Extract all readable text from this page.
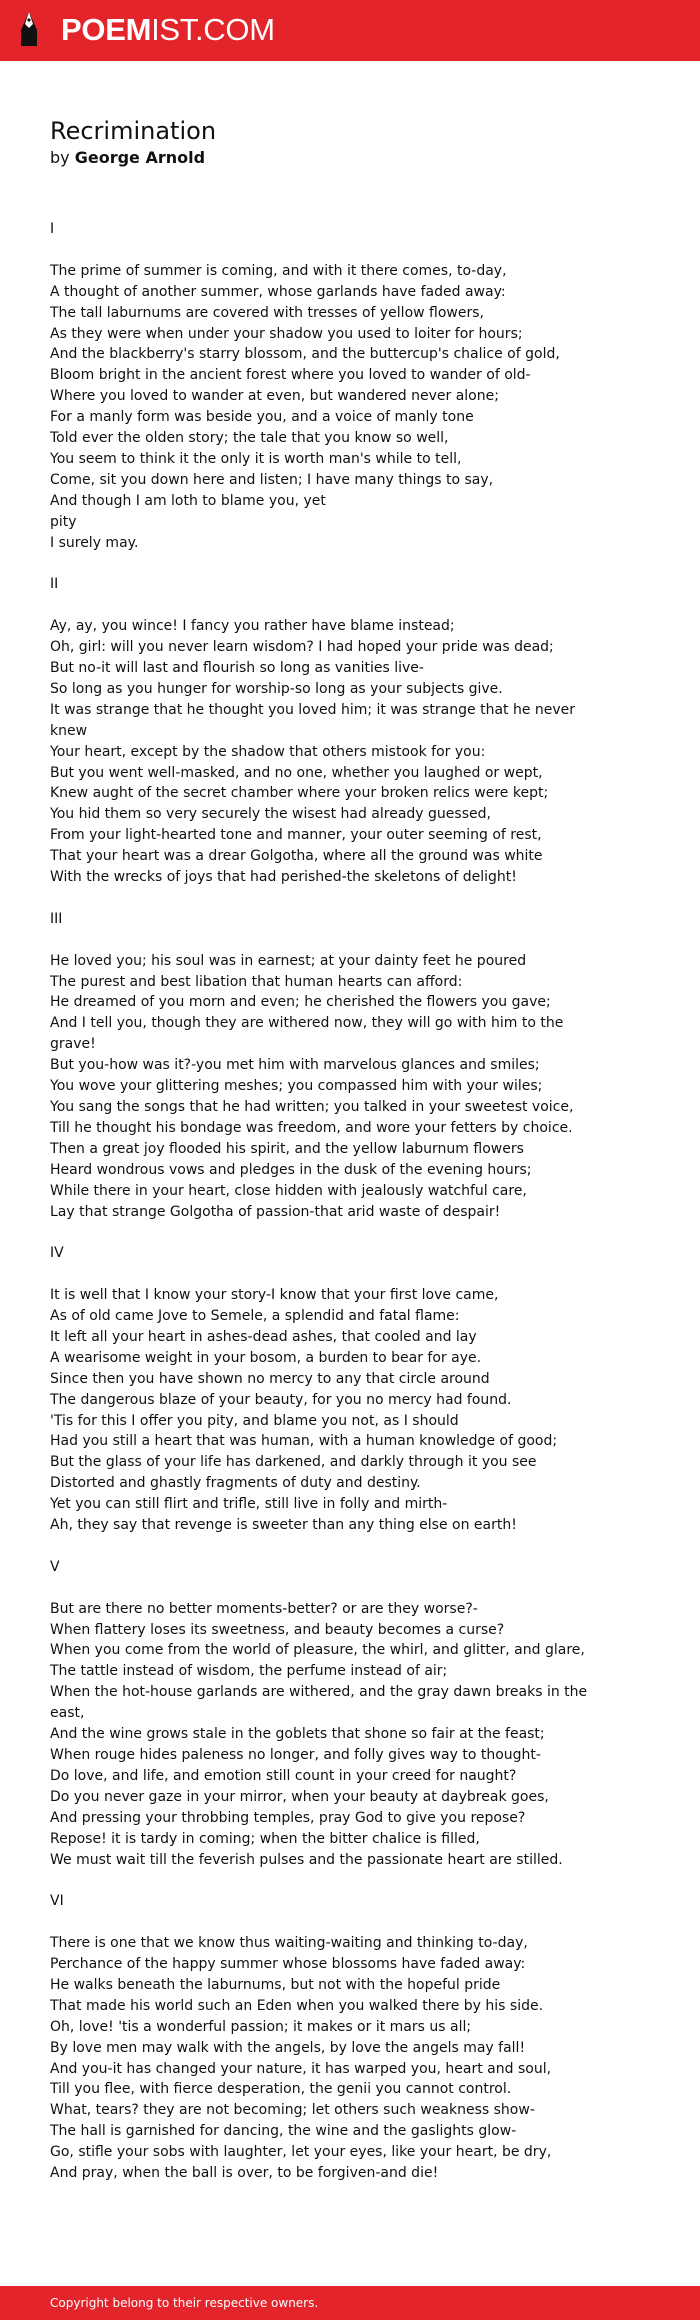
POEMIST.COM
Recrimination
by George Arnold

I

The prime of summer is coming, and with it there comes, to-day,

A thought of another summer, whose garlands have faded away:

The tall laburnums are covered with tresses of yellow flowers,

As they were when under your shadow you used to loiter for hours;

And the blackberry's starry blossom, and the buttercup's chalice of gold,

Bloom bright in the ancient forest where you loved to wander of old-

Where you loved to wander at even, but wandered never alone;

For a manly form was beside you, and a voice of manly tone

Told ever the olden story; the tale that you know so well,

You seem to think it the only it is worth man's while to tell,

Come, sit you down here and listen; I have many things to say,

And though I am loth to blame you, yet

pity

I surely may.

II

Ay, ay, you wince! I fancy you rather have blame instead;

Oh, girl: will you never learn wisdom? I had hoped your pride was dead;

But no-it will last and flourish so long as vanities live-

So long as you hunger for worship-so long as your subjects give.

It was strange that he thought you loved him; it was strange that he never knew

Your heart, except by the shadow that others mistook for you:

But you went well-masked, and no one, whether you laughed or wept,

Knew aught of the secret chamber where your broken relics were kept;

You hid them so very securely the wisest had already guessed,

From your light-hearted tone and manner, your outer seeming of rest,

That your heart was a drear Golgotha, where all the ground was white

With the wrecks of joys that had perished-the skeletons of delight!

III

He loved you; his soul was in earnest; at your dainty feet he poured

The purest and best libation that human hearts can afford:

He dreamed of you morn and even; he cherished the flowers you gave;

And I tell you, though they are withered now, they will go with him to the grave!

But you-how was it?-you met him with marvelous glances and smiles;

You wove your glittering meshes; you compassed him with your wiles;

You sang the songs that he had written; you talked in your sweetest voice,

Till he thought his bondage was freedom, and wore your fetters by choice.

Then a great joy flooded his spirit, and the yellow laburnum flowers

Heard wondrous vows and pledges in the dusk of the evening hours;

While there in your heart, close hidden with jealously watchful care,

Lay that strange Golgotha of passion-that arid waste of despair!

IV

It is well that I know your story-I know that your first love came,

As of old came Jove to Semele, a splendid and fatal flame:

It left all your heart in ashes-dead ashes, that cooled and lay

A wearisome weight in your bosom, a burden to bear for aye.

Since then you have shown no mercy to any that circle around

The dangerous blaze of your beauty, for you no mercy had found.

'Tis for this I offer you pity, and blame you not, as I should

Had you still a heart that was human, with a human knowledge of good;

But the glass of your life has darkened, and darkly through it you see

Distorted and ghastly fragments of duty and destiny.

Yet you can still flirt and trifle, still live in folly and mirth-

Ah, they say that revenge is sweeter than any thing else on earth!

V

But are there no better moments-better? or are they worse?-

When flattery loses its sweetness, and beauty becomes a curse?

When you come from the world of pleasure, the whirl, and glitter, and glare,

The tattle instead of wisdom, the perfume instead of air;

When the hot-house garlands are withered, and the gray dawn breaks in the east,

And the wine grows stale in the goblets that shone so fair at the feast;

When rouge hides paleness no longer, and folly gives way to thought-

Do love, and life, and emotion still count in your creed for naught?

Do you never gaze in your mirror, when your beauty at daybreak goes,

And pressing your throbbing temples, pray God to give you repose?

Repose! it is tardy in coming; when the bitter chalice is filled,

We must wait till the feverish pulses and the passionate heart are stilled.

VI

There is one that we know thus waiting-waiting and thinking to-day,

Perchance of the happy summer whose blossoms have faded away:

He walks beneath the laburnums, but not with the hopeful pride

That made his world such an Eden when you walked there by his side.

Oh, love! 'tis a wonderful passion; it makes or it mars us all;

By love men may walk with the angels, by love the angels may fall!

And you-it has changed your nature, it has warped you, heart and soul,

Till you flee, with fierce desperation, the genii you cannot control.

What, tears? they are not becoming; let others such weakness show-

The hall is garnished for dancing, the wine and the gaslights glow-

Go, stifle your sobs with laughter, let your eyes, like your heart, be dry,

And pray, when the ball is over, to be forgiven-and die!

Copyright belong to their respective owners.
